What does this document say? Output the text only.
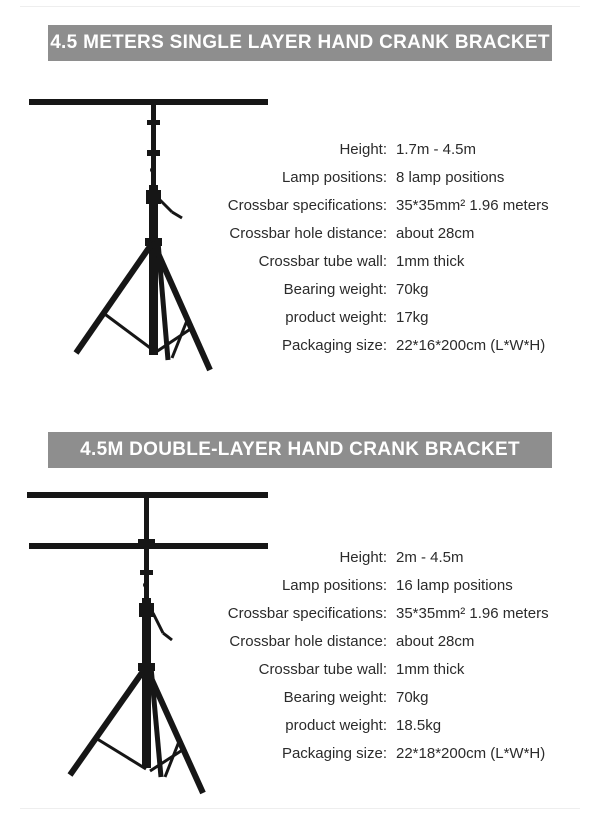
4.5 METERS SINGLE LAYER HAND CRANK BRACKET
Height: 1.7m - 4.5m
Lamp positions: 8 lamp positions
Crossbar specifications: 35*35mm² 1.96 meters
Crossbar hole distance: about 28cm
Crossbar tube wall: 1mm thick
Bearing weight: 70kg
product weight: 17kg
Packaging size: 22*16*200cm (L*W*H)
4.5M DOUBLE-LAYER HAND CRANK BRACKET
Height: 2m - 4.5m
Lamp positions: 16 lamp positions
Crossbar specifications: 35*35mm² 1.96 meters
Crossbar hole distance: about 28cm
Crossbar tube wall: 1mm thick
Bearing weight: 70kg
product weight: 18.5kg
Packaging size: 22*18*200cm (L*W*H)
